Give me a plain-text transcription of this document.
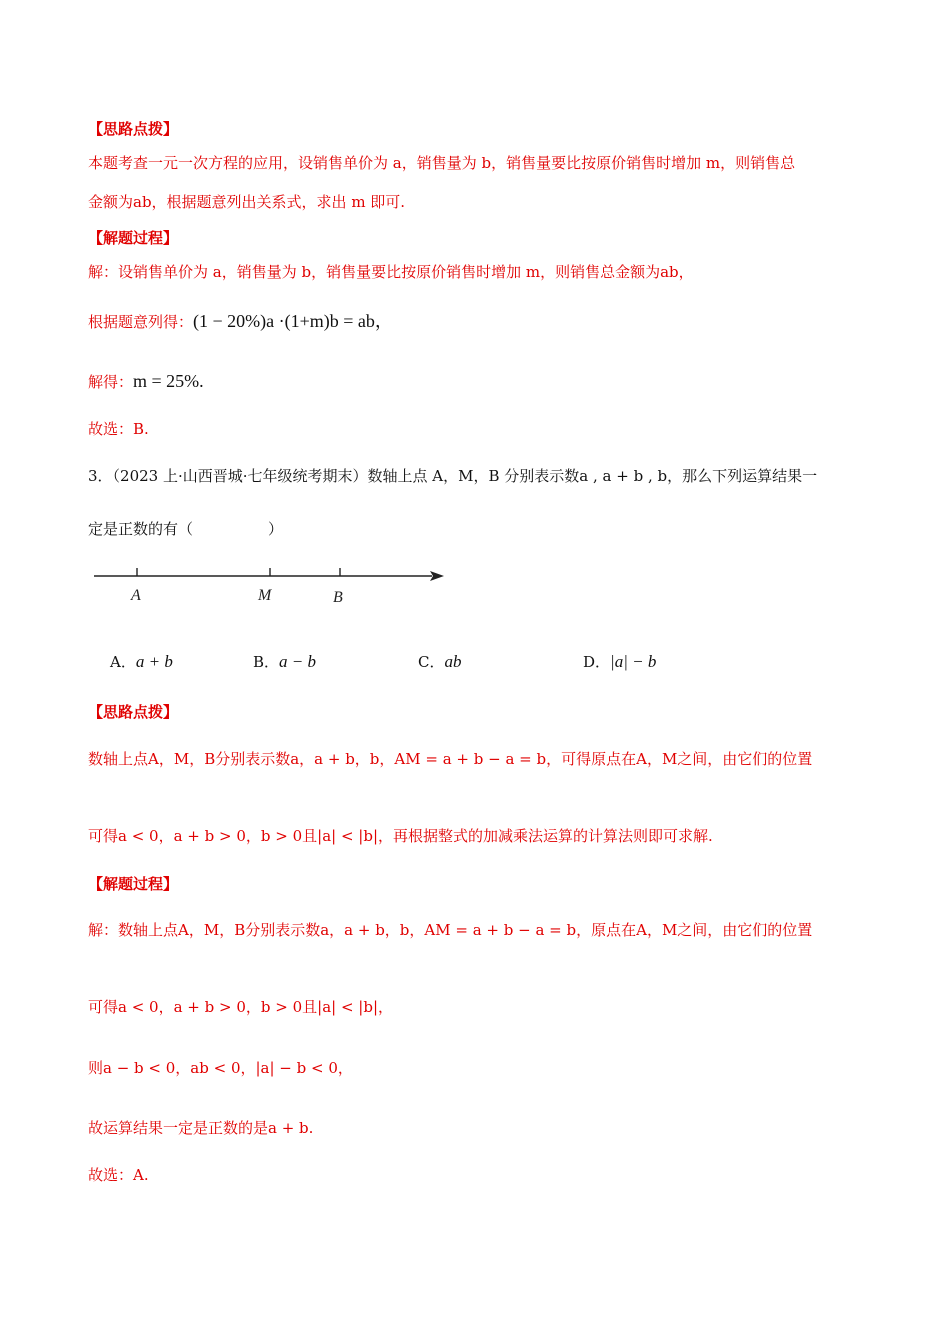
【思路点拨】
本题考查一元一次方程的应用，设销售单价为 a，销售量为 b，销售量要比按原价销售时增加 m，则销售总
金额为ab，根据题意列出关系式，求出 m 即可.
【解题过程】
解：设销售单价为 a，销售量为 b，销售量要比按原价销售时增加 m，则销售总金额为ab，
根据题意列得：(1 − 20%)a ·(1+m)b = ab，
解得：m = 25%.
故选：B.
3．（2023 上·山西晋城·七年级统考期末）数轴上点 A，M，B 分别表示数a , a + b , b，那么下列运算结果一
定是正数的有（　　　　　）
A	M	B
A．a + b	B．a − b	C．ab	D．|a| − b
【思路点拨】
数轴上点A，M，B分别表示数a，a + b，b，AM = a + b − a = b，可得原点在A，M之间，由它们的位置
可得a < 0，a + b > 0，b > 0且|a| < |b|，再根据整式的加减乘法运算的计算法则即可求解.
【解题过程】
解：数轴上点A，M，B分别表示数a，a + b，b，AM = a + b − a = b，原点在A，M之间，由它们的位置
可得a < 0，a + b > 0，b > 0且|a| < |b|，
则a − b < 0，ab < 0，|a| − b < 0，
故运算结果一定是正数的是a + b.
故选：A.
